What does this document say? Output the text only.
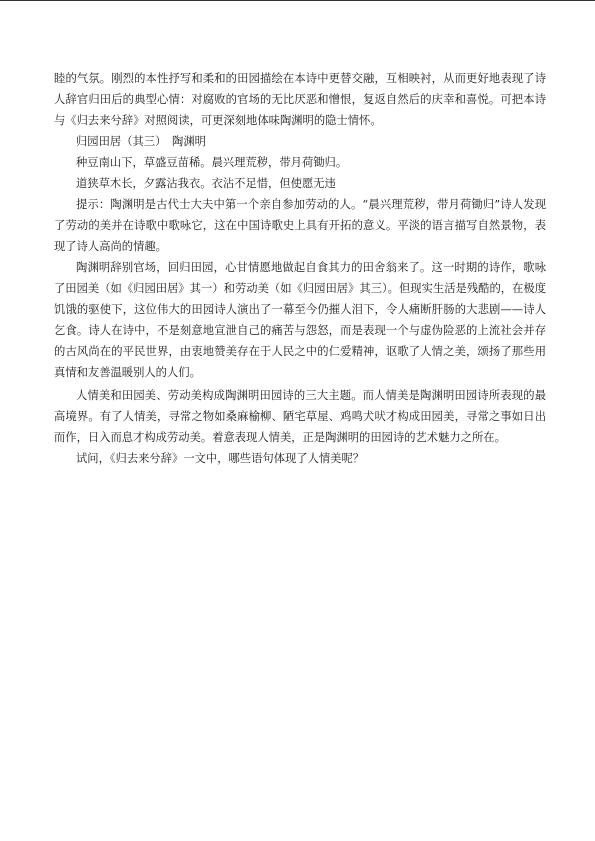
睦的气氛。刚烈的本性抒写和柔和的田园描绘在本诗中更替交融，互相映衬，从而更好地表现了诗人辞官归田后的典型心情：对腐败的官场的无比厌恶和憎恨，复返自然后的庆幸和喜悦。可把本诗与《归去来兮辞》对照阅读，可更深刻地体味陶渊明的隐士情怀。

归园田居（其三）　陶渊明

种豆南山下，草盛豆苗稀。晨兴理荒秽，带月荷锄归。

道狭草木长，夕露沾我衣。衣沾不足惜，但使愿无违

提示：陶渊明是古代士大夫中第一个亲自参加劳动的人。“晨兴理荒秽，带月荷锄归”诗人发现了劳动的美并在诗歌中歌咏它，这在中国诗歌史上具有开拓的意义。平淡的语言描写自然景物，表现了诗人高尚的情趣。

陶渊明辞别官场，回归田园，心甘情愿地做起自食其力的田舍翁来了。这一时期的诗作，歌咏了田园美（如《归园田居》其一）和劳动美（如《归园田居》其三）。但现实生活是残酷的，在极度饥饿的驱使下，这位伟大的田园诗人演出了一幕至今仍摧人泪下，令人痛断肝肠的大悲剧——诗人乞食。诗人在诗中，不是刻意地宣泄自己的痛苦与怨怒，而是表现一个与虚伪险恶的上流社会并存的古风尚在的平民世界，由衷地赞美存在于人民之中的仁爱精神，讴歌了人情之美，颂扬了那些用真情和友善温暖别人的人们。

人情美和田园美、劳动美构成陶渊明田园诗的三大主题。而人情美是陶渊明田园诗所表现的最高境界。有了人情美，寻常之物如桑麻榆柳、陋宅草屋、鸡鸣犬吠才构成田园美，寻常之事如日出而作，日入而息才构成劳动美。着意表现人情美，正是陶渊明的田园诗的艺术魅力之所在。

试问，《归去来兮辞》一文中，哪些语句体现了人情美呢？
